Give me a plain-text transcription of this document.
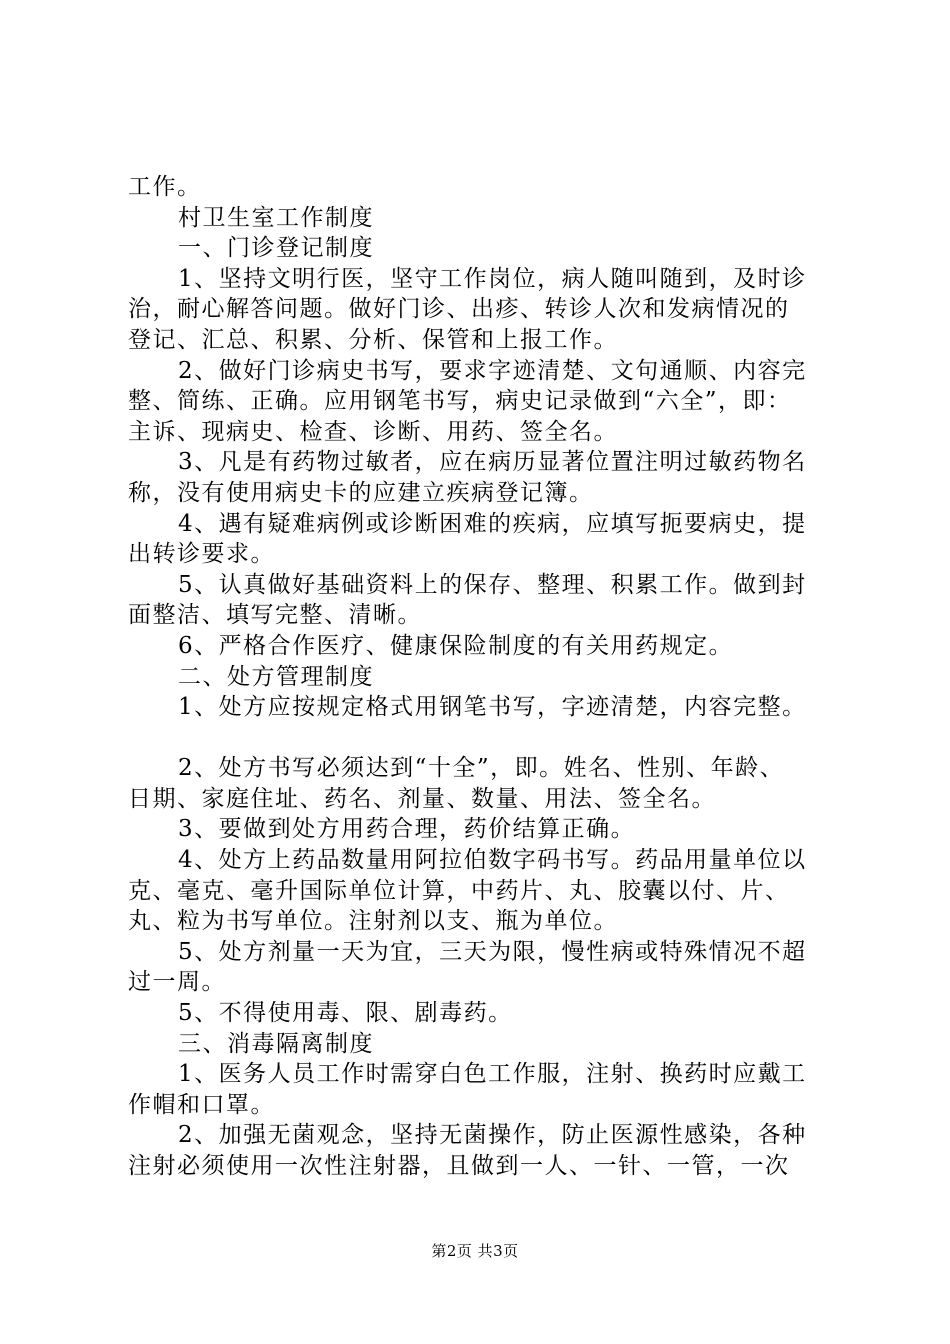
工作。
村卫生室工作制度
一、门诊登记制度
1、坚持文明行医，坚守工作岗位，病人随叫随到，及时诊
治，耐心解答问题。做好门诊、出疹、转诊人次和发病情况的
登记、汇总、积累、分析、保管和上报工作。
2、做好门诊病史书写，要求字迹清楚、文句通顺、内容完
整、简练、正确。应用钢笔书写，病史记录做到“六全”，即：
主诉、现病史、检查、诊断、用药、签全名。
3、凡是有药物过敏者，应在病历显著位置注明过敏药物名
称，没有使用病史卡的应建立疾病登记簿。
4、遇有疑难病例或诊断困难的疾病，应填写扼要病史，提
出转诊要求。
5、认真做好基础资料上的保存、整理、积累工作。做到封
面整洁、填写完整、清晰。
6、严格合作医疗、健康保险制度的有关用药规定。
二、处方管理制度
1、处方应按规定格式用钢笔书写，字迹清楚，内容完整。
2、处方书写必须达到“十全”，即。姓名、性别、年龄、
日期、家庭住址、药名、剂量、数量、用法、签全名。
3、要做到处方用药合理，药价结算正确。
4、处方上药品数量用阿拉伯数字码书写。药品用量单位以
克、毫克、毫升国际单位计算，中药片、丸、胶囊以付、片、
丸、粒为书写单位。注射剂以支、瓶为单位。
5、处方剂量一天为宜，三天为限，慢性病或特殊情况不超
过一周。
5、不得使用毒、限、剧毒药。
三、消毒隔离制度
1、医务人员工作时需穿白色工作服，注射、换药时应戴工
作帽和口罩。
2、加强无菌观念，坚持无菌操作，防止医源性感染，各种
注射必须使用一次性注射器，且做到一人、一针、一管，一次
第2页 共3页
